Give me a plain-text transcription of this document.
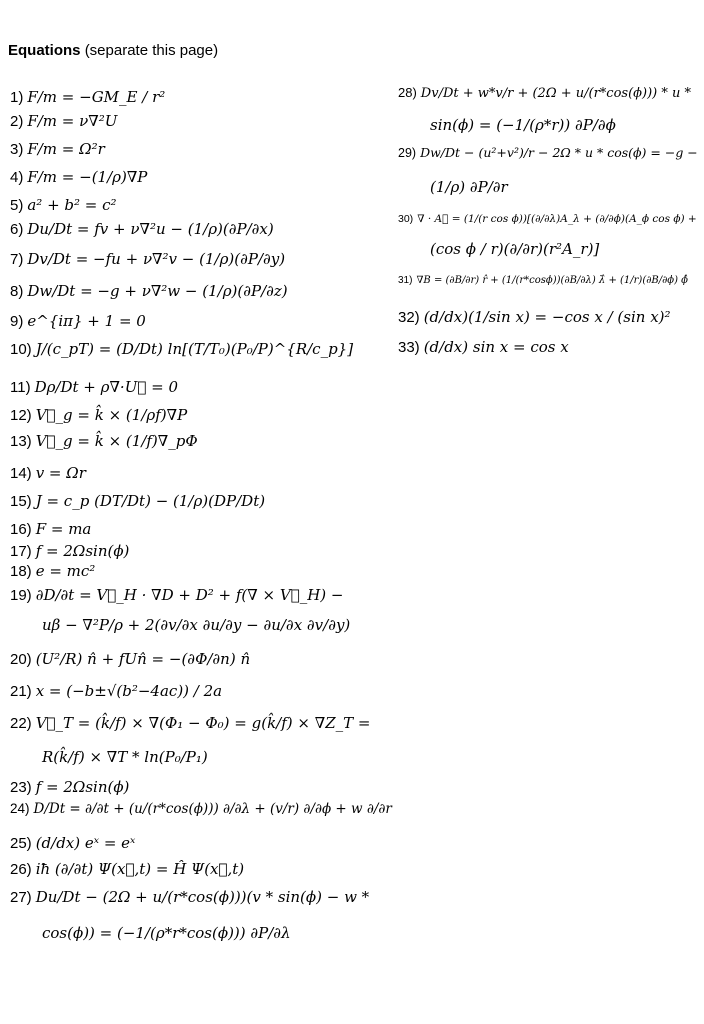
Equations (separate this page)
1) F/m = −GM_E / r²
2) F/m = ν∇²U
3) F/m = Ω²r
4) F/m = −(1/ρ)∇P
5) a² + b² = c²
6) Du/Dt = fv + ν∇²u − (1/ρ)(∂P/∂x)
7) Dv/Dt = −fu + ν∇²v − (1/ρ)(∂P/∂y)
8) Dw/Dt = −g + ν∇²w − (1/ρ)(∂P/∂z)
9) e^{iπ} + 1 = 0
10) J/(c_pT) = (D/Dt) ln[(T/T₀)(P₀/P)^{R/c_p}]
11) Dρ/Dt + ρ∇·U⃗ = 0
12) V⃗_g = k̂ × (1/ρf)∇P
13) V⃗_g = k̂ × (1/f)∇_pΦ
14) v = Ωr
15) J = c_p (DT/Dt) − (1/ρ)(DP/Dt)
16) F = ma
17) f = 2Ωsin(ϕ)
18) e = mc²
19) ∂D/∂t = V⃗_H · ∇D + D² + f(∇ × V⃗_H) −
uβ − ∇²P/ρ + 2(∂v/∂x ∂u/∂y − ∂u/∂x ∂v/∂y)
20) (U²/R) n̂ + fUn̂ = −(∂Φ/∂n) n̂
21) x = (−b±√(b²−4ac)) / 2a
22) V⃗_T = (k̂/f) × ∇(Φ₁ − Φ₀) = g(k̂/f) × ∇Z_T =
R(k̂/f) × ∇T * ln(P₀/P₁)
23) f = 2Ωsin(ϕ)
24) D/Dt = ∂/∂t + (u/(r*cos(ϕ))) ∂/∂λ + (v/r) ∂/∂ϕ + w ∂/∂r
25) (d/dx) eˣ = eˣ
26) iħ (∂/∂t) Ψ(x⃗,t) = Ĥ Ψ(x⃗,t)
27) Du/Dt − (2Ω + u/(r*cos(ϕ)))(v * sin(ϕ) − w *
cos(ϕ)) = (−1/(ρ*r*cos(ϕ))) ∂P/∂λ
28) Dv/Dt + w*v/r + (2Ω + u/(r*cos(ϕ))) * u *
sin(ϕ) = (−1/(ρ*r)) ∂P/∂ϕ
29) Dw/Dt − (u²+v²)/r − 2Ω * u * cos(ϕ) = −g −
(1/ρ) ∂P/∂r
30) ∇ · A⃗ = (1/(r cos ϕ))[(∂/∂λ)A_λ + (∂/∂ϕ)(A_ϕ cos ϕ) +
(cos ϕ / r)(∂/∂r)(r²A_r)]
31) ∇B = (∂B/∂r) r̂ + (1/(r*cosϕ))(∂B/∂λ) λ̂ + (1/r)(∂B/∂ϕ) ϕ̂
32) (d/dx)(1/sin x) = −cos x / (sin x)²
33) (d/dx) sin x = cos x
